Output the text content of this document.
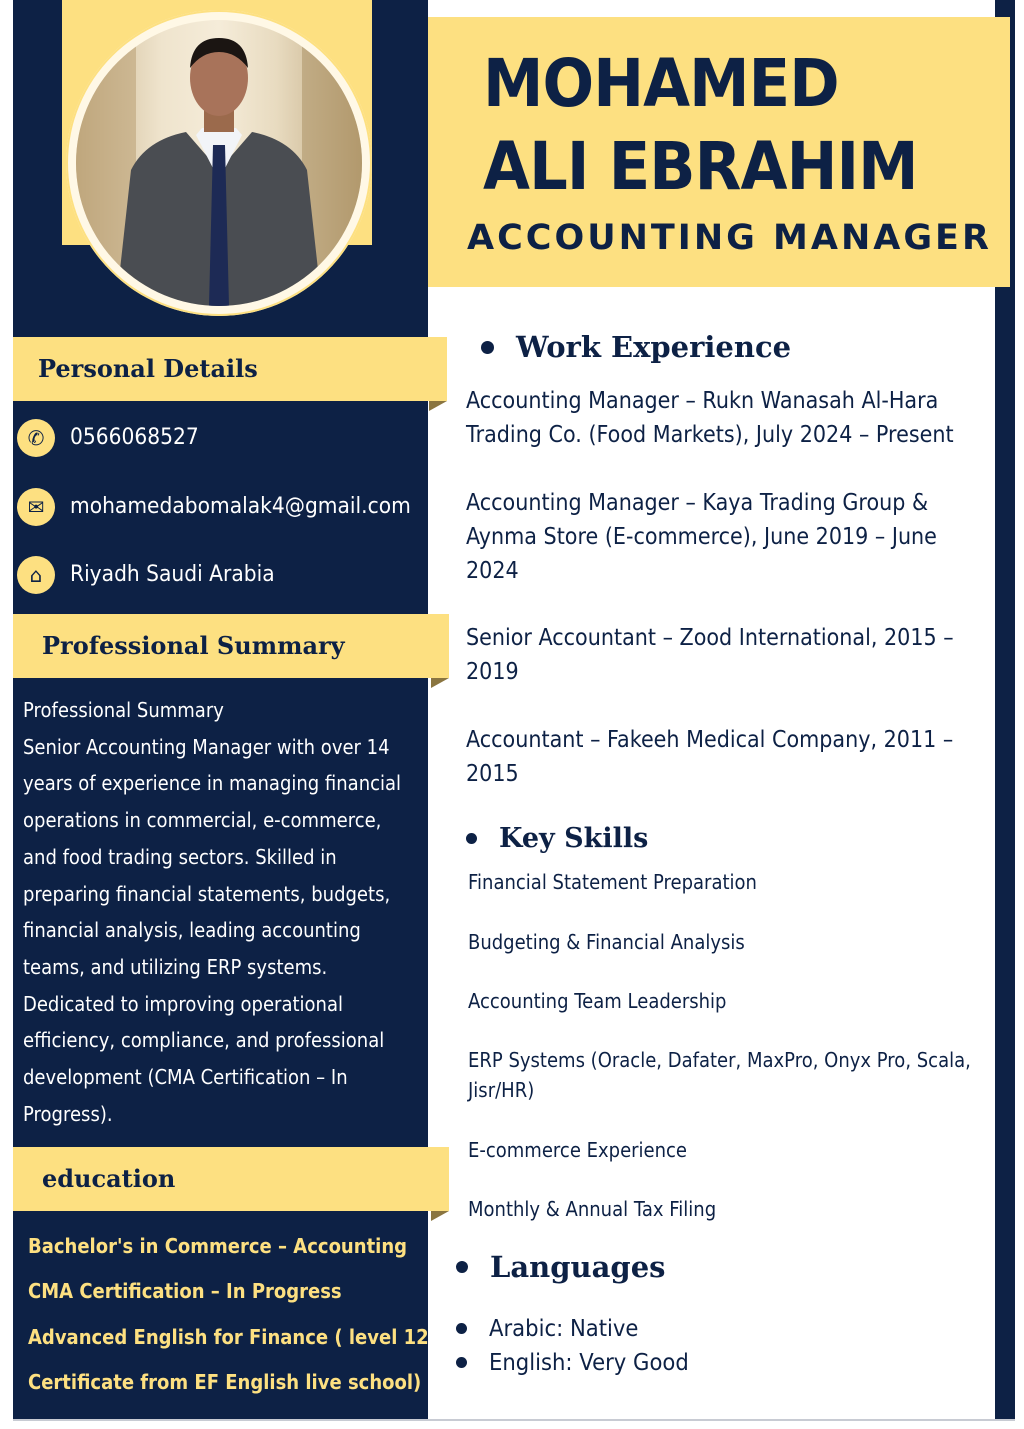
MOHAMED
ALI EBRAHIM
ACCOUNTING MANAGER
Personal Details
✆	0566068527
✉	mohamedabomalak4@gmail.com
⌂	Riyadh Saudi Arabia
Professional Summary
Professional Summary
Senior Accounting Manager with over 14
years of experience in managing financial
operations in commercial, e-commerce,
and food trading sectors. Skilled in
preparing financial statements, budgets,
financial analysis, leading accounting
teams, and utilizing ERP systems.
Dedicated to improving operational
efficiency, compliance, and professional
development (CMA Certification – In
Progress).
education
Bachelor's in Commerce – Accounting
CMA Certification – In Progress
Advanced English for Finance ( level 12
Certificate from EF English live school)
Work Experience
Accounting Manager – Rukn Wanasah Al-Hara
Trading Co. (Food Markets), July 2024 – Present
Accounting Manager – Kaya Trading Group &
Aynma Store (E-commerce), June 2019 – June
2024
Senior Accountant – Zood International, 2015 –
2019
Accountant – Fakeeh Medical Company, 2011 –
2015
Key Skills
Financial Statement Preparation
Budgeting & Financial Analysis
Accounting Team Leadership
ERP Systems (Oracle, Dafater, MaxPro, Onyx Pro, Scala,
Jisr/HR)
E-commerce Experience
Monthly & Annual Tax Filing
Languages
Arabic: Native
English: Very Good
